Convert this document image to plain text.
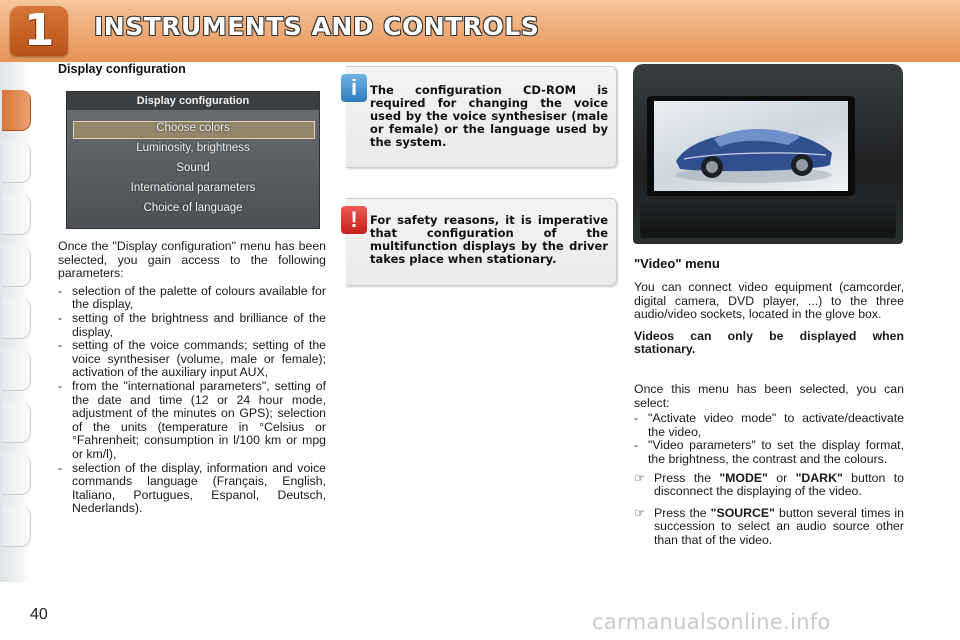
1	INSTRUMENTS AND CONTROLS
Display configuration
Display configuration
Choose colors
Luminosity, brightness
Sound
International parameters
Choice of language
Once the "Display configuration" menu has been selected, you gain access to the following parameters:
- selection of the palette of colours available for the display,
- setting of the brightness and brilliance of the display,
- setting of the voice commands; setting of the voice synthesiser (volume, male or female); activation of the auxiliary input AUX,
- from the "international parameters", setting of the date and time (12 or 24 hour mode, adjustment of the minutes on GPS); selection of the units (temperature in °Celsius or °Fahrenheit; consumption in l/100 km or mpg or km/l),
- selection of the display, information and voice commands language (Français, English, Italiano, Portugues, Espanol, Deutsch, Nederlands).
i	The configuration CD-ROM is required for changing the voice used by the voice synthesiser (male or female) or the language used by the system.
!	For safety reasons, it is imperative that configuration of the multifunction displays by the driver takes place when stationary.	"Video" menu
You can connect video equipment (camcorder, digital camera, DVD player, ...) to the three audio/video sockets, located in the glove box.
Videos can only be displayed when stationary.
Once this menu has been selected, you can select:
- "Activate video mode" to activate/deactivate the video,
- "Video parameters" to set the display format, the brightness, the contrast and the colours.
☞ Press the "MODE" or "DARK" button to disconnect the displaying of the video.
☞ Press the "SOURCE" button several times in succession to select an audio source other than that of the video.
40	carmanualsonline.info
